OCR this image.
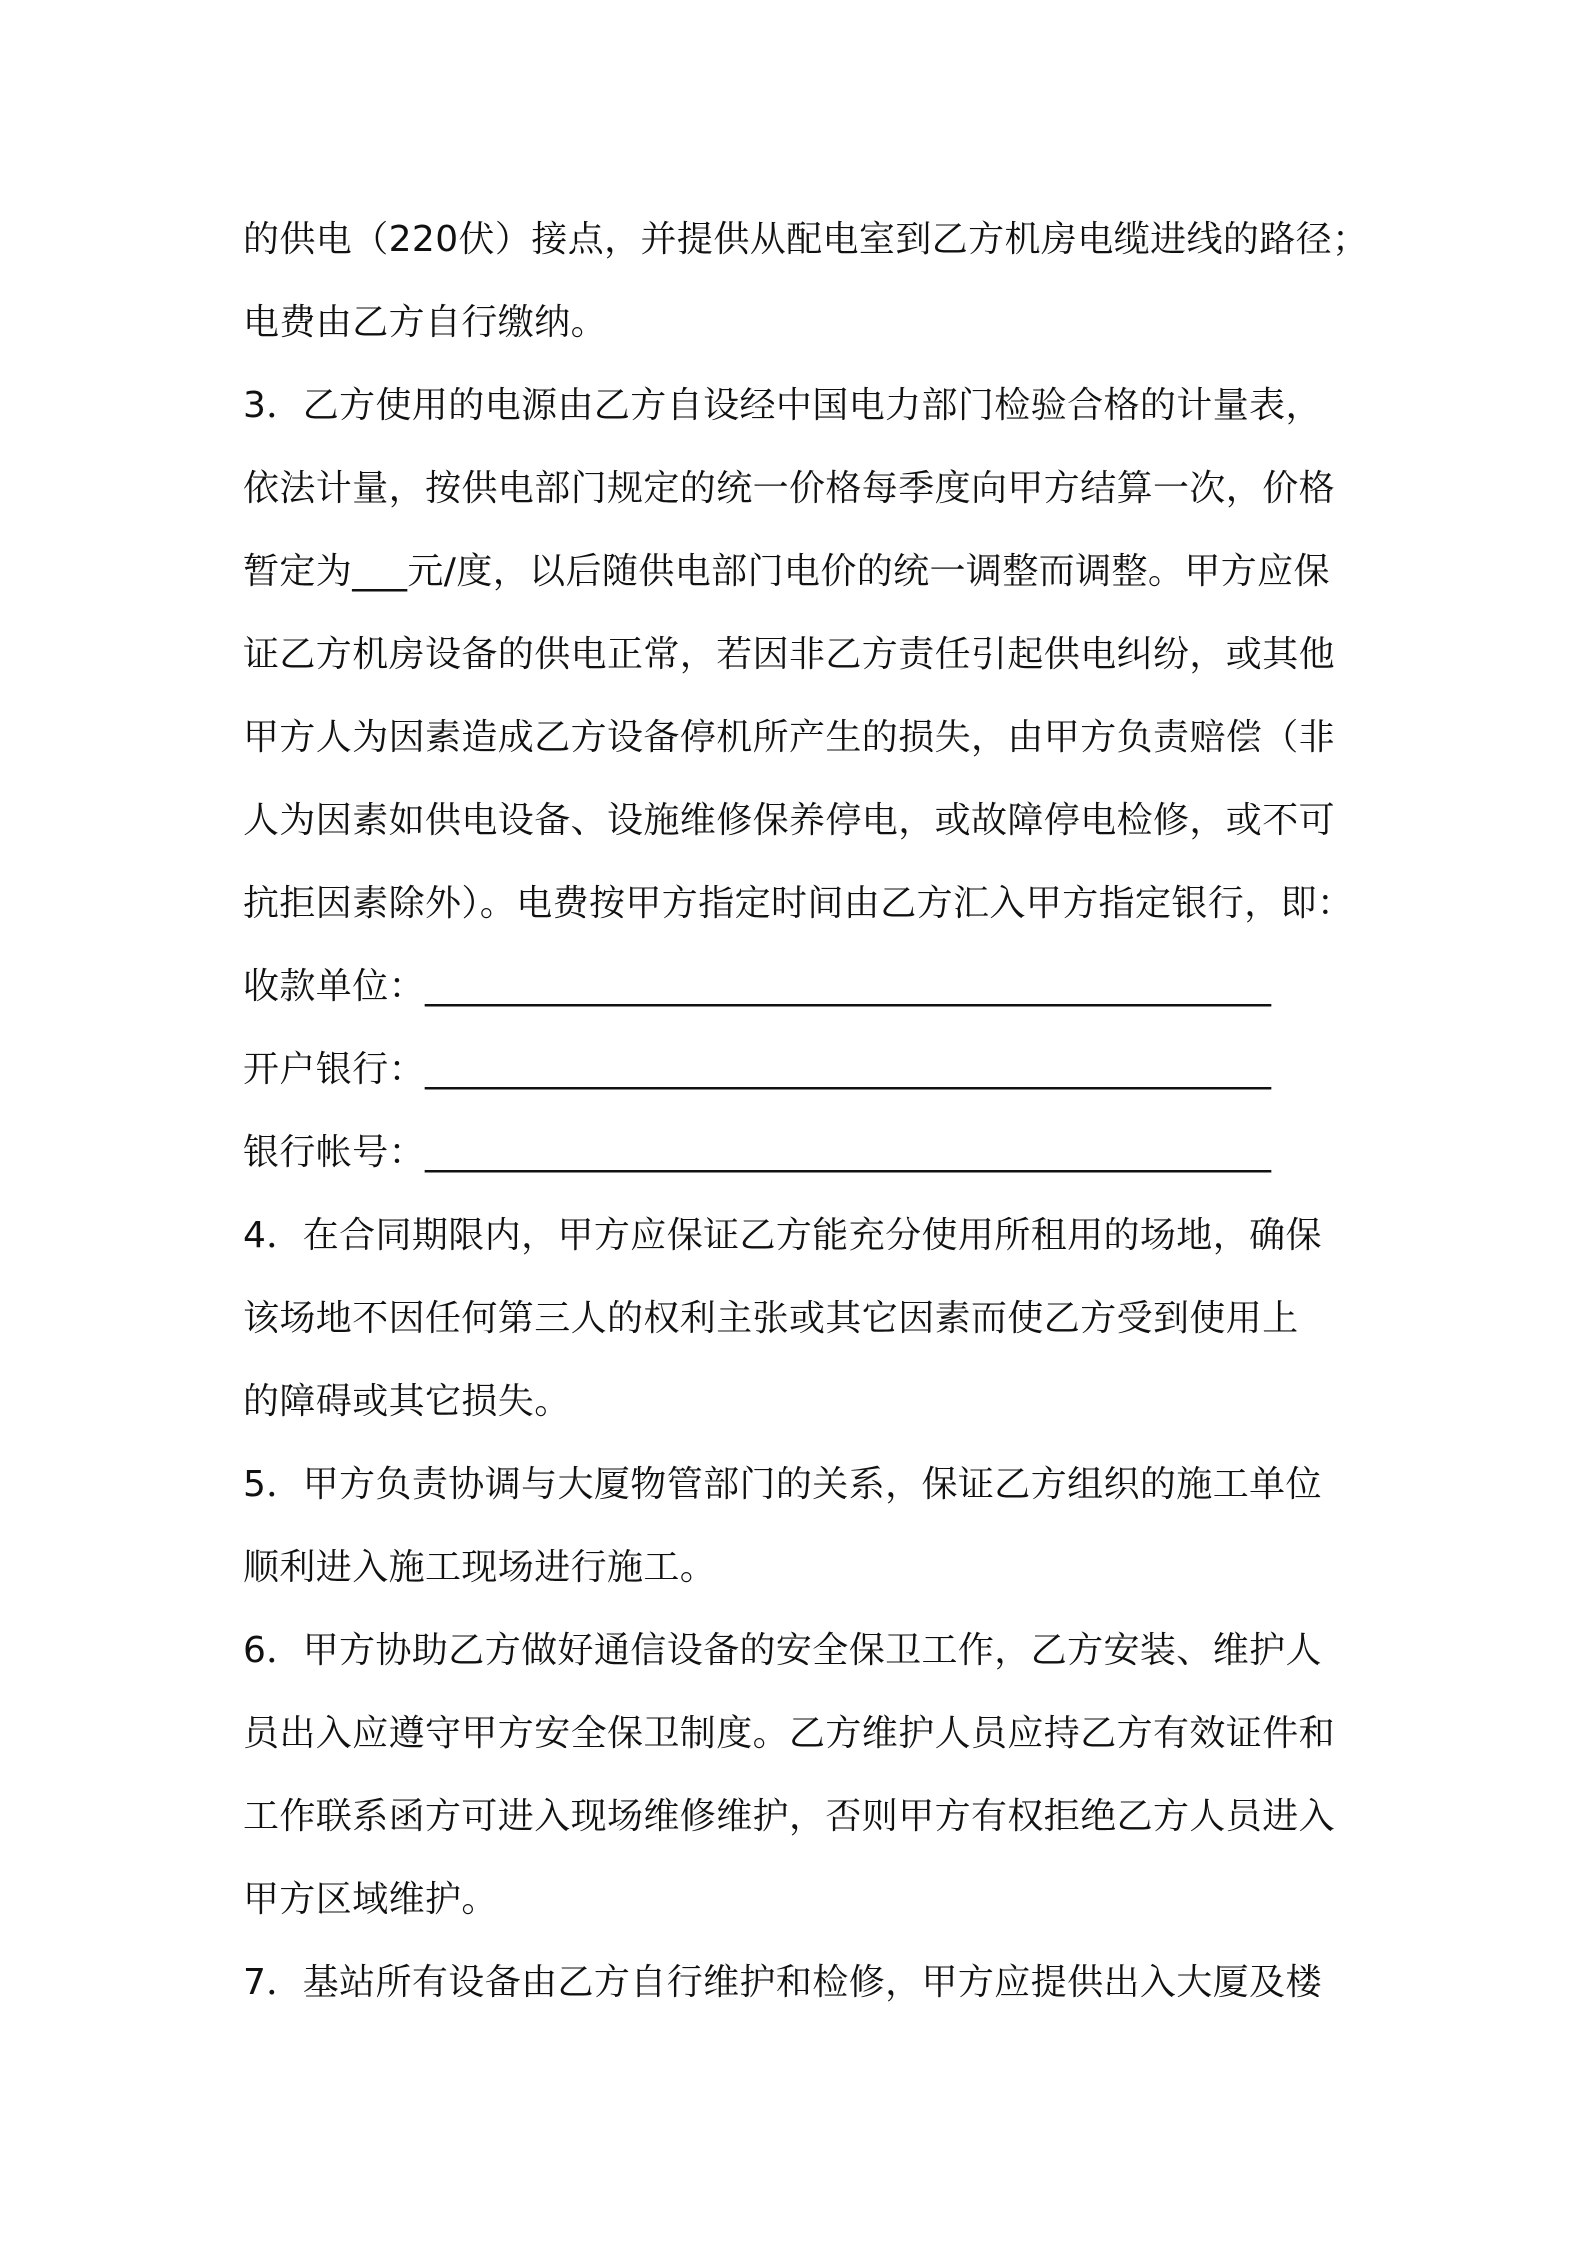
的供电（220伏）接点，并提供从配电室到乙方机房电缆进线的路径；
电费由乙方自行缴纳。
3．乙方使用的电源由乙方自设经中国电力部门检验合格的计量表，
依法计量，按供电部门规定的统一价格每季度向甲方结算一次，价格
暂定为___元/度，以后随供电部门电价的统一调整而调整。甲方应保
证乙方机房设备的供电正常，若因非乙方责任引起供电纠纷，或其他
甲方人为因素造成乙方设备停机所产生的损失，由甲方负责赔偿（非
人为因素如供电设备、设施维修保养停电，或故障停电检修，或不可
抗拒因素除外）。电费按甲方指定时间由乙方汇入甲方指定银行，即：
收款单位：______________________________________________
开户银行：______________________________________________
银行帐号：______________________________________________
4．在合同期限内，甲方应保证乙方能充分使用所租用的场地，确保
该场地不因任何第三人的权利主张或其它因素而使乙方受到使用上
的障碍或其它损失。
5．甲方负责协调与大厦物管部门的关系，保证乙方组织的施工单位
顺利进入施工现场进行施工。
6．甲方协助乙方做好通信设备的安全保卫工作，乙方安装、维护人
员出入应遵守甲方安全保卫制度。乙方维护人员应持乙方有效证件和
工作联系函方可进入现场维修维护，否则甲方有权拒绝乙方人员进入
甲方区域维护。
7．基站所有设备由乙方自行维护和检修，甲方应提供出入大厦及楼
